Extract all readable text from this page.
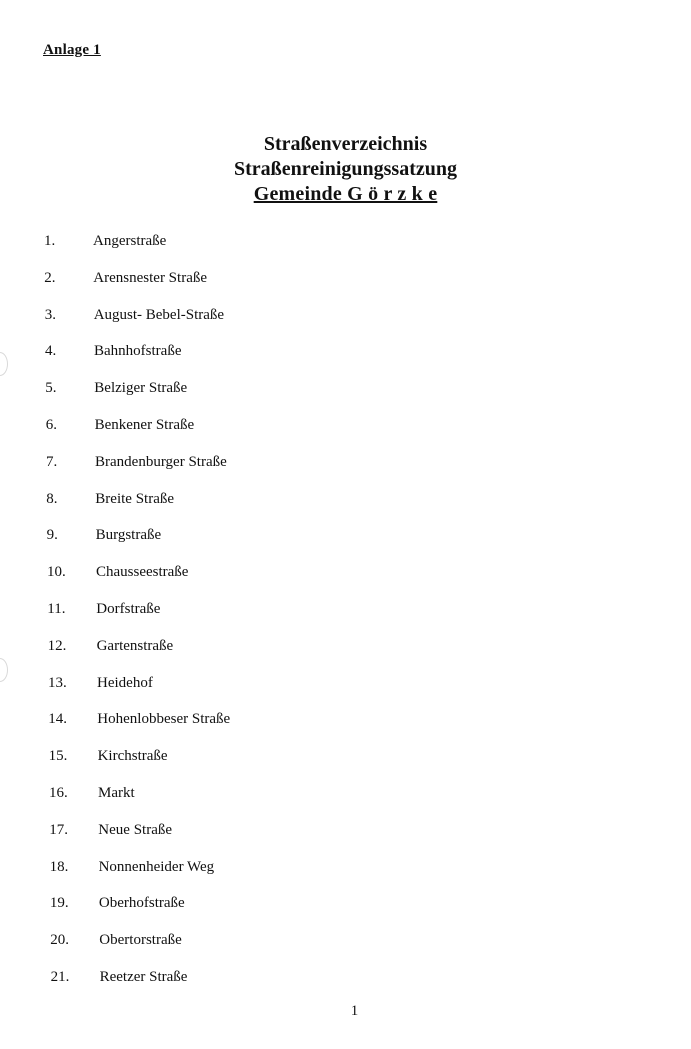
Anlage 1
Straßenverzeichnis
Straßenreinigungssatzung
Gemeinde G ö r z k e
1.	Angerstraße
2.	Arensnester Straße
3.	August- Bebel-Straße
4.	Bahnhofstraße
5.	Belziger Straße
6.	Benkener Straße
7.	Brandenburger Straße
8.	Breite Straße
9.	Burgstraße
10.	Chausseestraße
11.	Dorfstraße
12.	Gartenstraße
13.	Heidehof
14.	Hohenlobbeser Straße
15.	Kirchstraße
16.	Markt
17.	Neue Straße
18.	Nonnenheider Weg
19.	Oberhofstraße
20.	Obertorstraße
21.	Reetzer Straße
1
